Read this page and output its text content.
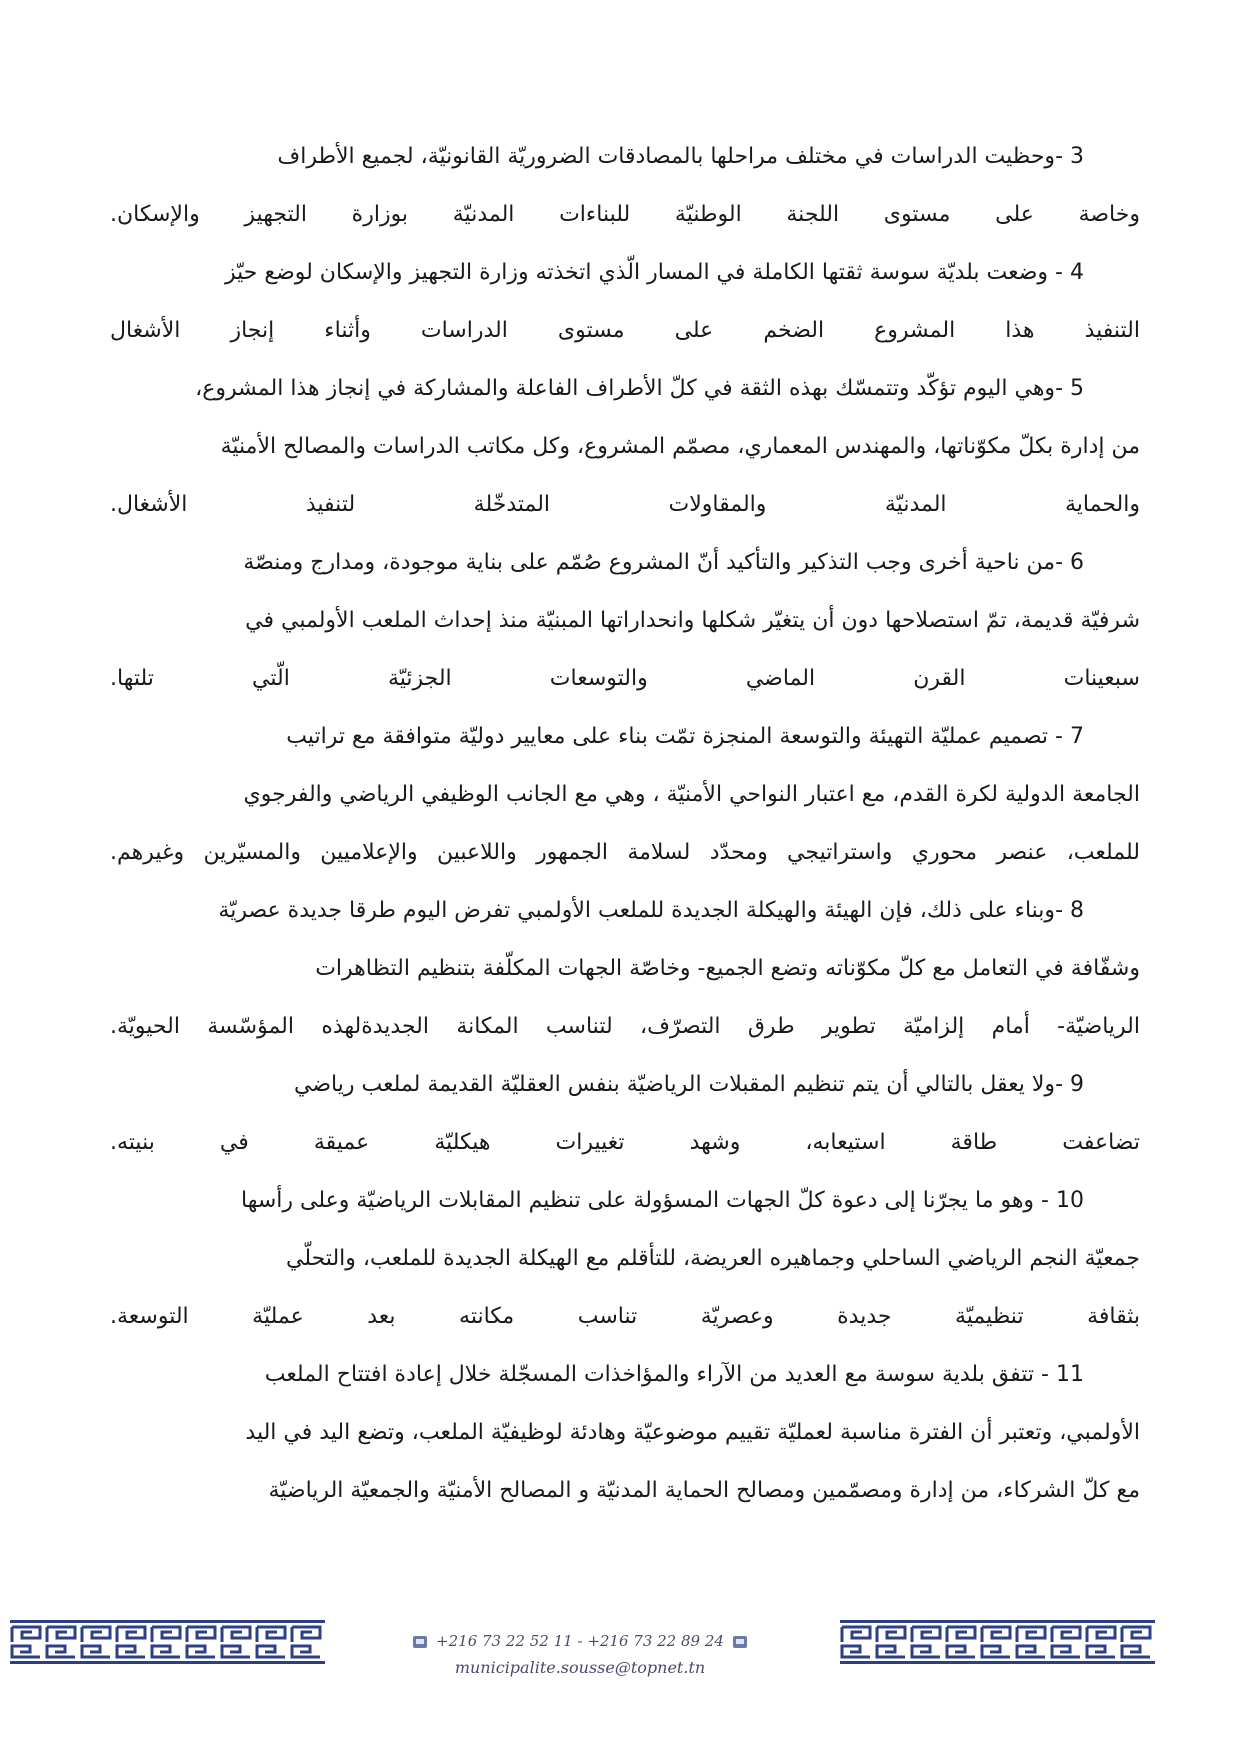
3 -وحظيت الدراسات في مختلف مراحلها بالمصادقات الضروريّة القانونيّة، لجميع الأطراف

وخاصة على مستوى اللجنة الوطنيّة للبناءات المدنيّة بوزارة التجهيز والإسكان.

4 - وضعت بلديّة سوسة ثقتها الكاملة في المسار الّذي اتخذته وزارة التجهيز والإسكان لوضع حيّز

التنفيذ هذا المشروع الضخم على مستوى الدراسات وأثناء إنجاز الأشغال

5 -وهي اليوم تؤكّد وتتمسّك بهذه الثقة في كلّ الأطراف الفاعلة والمشاركة في إنجاز هذا المشروع،

من إدارة بكلّ مكوّناتها، والمهندس المعماري، مصمّم المشروع، وكل مكاتب الدراسات والمصالح الأمنيّة

والحماية المدنيّة والمقاولات المتدخّلة لتنفيذ الأشغال.

6 -من ناحية أخرى وجب التذكير والتأكيد أنّ المشروع صُمّم على بناية موجودة، ومدارج ومنصّة

شرفيّة قديمة، تمّ استصلاحها دون أن يتغيّر شكلها وانحداراتها المبنيّة منذ إحداث الملعب الأولمبي في

سبعينات القرن الماضي والتوسعات الجزئيّة الّتي تلتها.

7 - تصميم عمليّة التهيئة والتوسعة المنجزة تمّت بناء على معايير دوليّة متوافقة مع تراتيب

الجامعة الدولية لكرة القدم، مع اعتبار النواحي الأمنيّة ، وهي مع الجانب الوظيفي الرياضي والفرجوي

للملعب، عنصر محوري واستراتيجي ومحدّد لسلامة الجمهور واللاعبين والإعلاميين والمسيّرين وغيرهم.

8 -وبناء على ذلك، فإن الهيئة والهيكلة الجديدة للملعب الأولمبي تفرض اليوم طرقا جديدة عصريّة

وشفّافة في التعامل مع كلّ مكوّناته وتضع الجميع- وخاصّة الجهات المكلّفة بتنظيم التظاهرات

الرياضيّة- أمام إلزاميّة تطوير طرق التصرّف، لتناسب المكانة الجديدةلهذه المؤسّسة الحيويّة.

9 -ولا يعقل بالتالي أن يتم تنظيم المقبلات الرياضيّة بنفس العقليّة القديمة لملعب رياضي

تضاعفت طاقة استيعابه، وشهد تغييرات هيكليّة عميقة في بنيته.

10 - وهو ما يجرّنا إلى دعوة كلّ الجهات المسؤولة على تنظيم المقابلات الرياضيّة وعلى رأسها

جمعيّة النجم الرياضي الساحلي وجماهيره العريضة، للتأقلم مع الهيكلة الجديدة للملعب، والتحلّي

بثقافة تنظيميّة جديدة وعصريّة تناسب مكانته بعد عمليّة التوسعة.

11 - تتفق بلدية سوسة مع العديد من الآراء والمؤاخذات المسجّلة خلال إعادة افتتاح الملعب

الأولمبي، وتعتبر أن الفترة مناسبة لعمليّة تقييم موضوعيّة وهادئة لوظيفيّة الملعب، وتضع اليد في اليد

مع كلّ الشركاء، من إدارة ومصمّمين ومصالح الحماية المدنيّة و المصالح الأمنيّة والجمعيّة الرياضيّة

+216 73 22 52 11 - +216 73 22 89 24
municipalite.sousse@topnet.tn
